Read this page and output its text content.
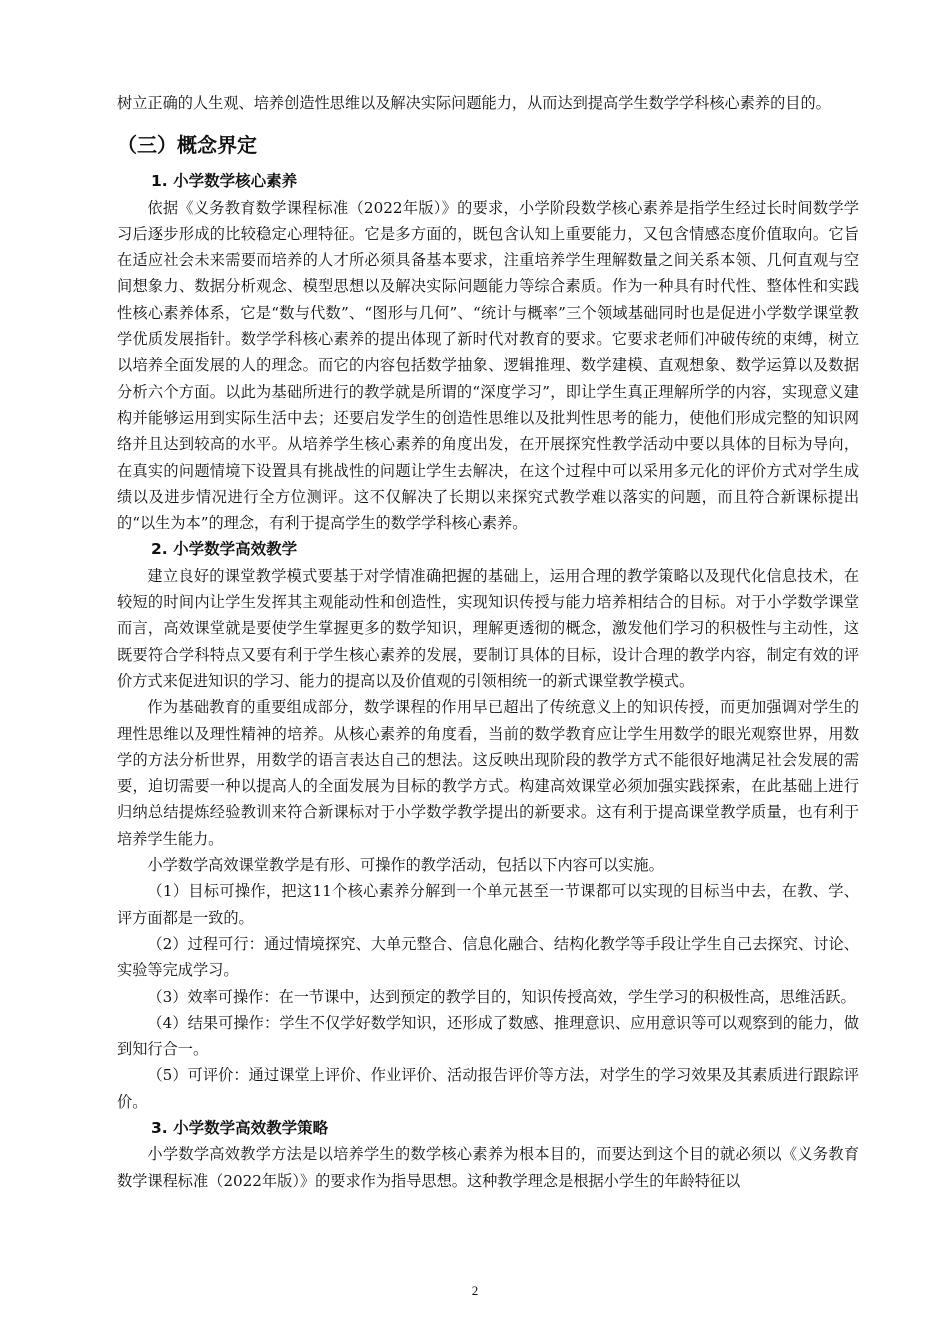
树立正确的人生观、培养创造性思维以及解决实际问题能力，从而达到提高学生数学学科核心素养的目的。

（三）概念界定
1. 小学数学核心素养

依据《义务教育数学课程标准（2022年版）》的要求，小学阶段数学核心素养是指学生经过长时间数学学习后逐步形成的比较稳定心理特征。它是多方面的，既包含认知上重要能力，又包含情感态度价值取向。它旨在适应社会未来需要而培养的人才所必须具备基本要求，注重培养学生理解数量之间关系本领、几何直观与空间想象力、数据分析观念、模型思想以及解决实际问题能力等综合素质。作为一种具有时代性、整体性和实践性核心素养体系，它是“数与代数”、“图形与几何”、“统计与概率”三个领域基础同时也是促进小学数学课堂教学优质发展指针。数学学科核心素养的提出体现了新时代对教育的要求。它要求老师们冲破传统的束缚，树立以培养全面发展的人的理念。而它的内容包括数学抽象、逻辑推理、数学建模、直观想象、数学运算以及数据分析六个方面。以此为基础所进行的教学就是所谓的“深度学习”，即让学生真正理解所学的内容，实现意义建构并能够运用到实际生活中去；还要启发学生的创造性思维以及批判性思考的能力，使他们形成完整的知识网络并且达到较高的水平。从培养学生核心素养的角度出发，在开展探究性教学活动中要以具体的目标为导向，在真实的问题情境下设置具有挑战性的问题让学生去解决，在这个过程中可以采用多元化的评价方式对学生成绩以及进步情况进行全方位测评。这不仅解决了长期以来探究式教学难以落实的问题，而且符合新课标提出的“以生为本”的理念，有利于提高学生的数学学科核心素养。

2. 小学数学高效教学

建立良好的课堂教学模式要基于对学情准确把握的基础上，运用合理的教学策略以及现代化信息技术，在较短的时间内让学生发挥其主观能动性和创造性，实现知识传授与能力培养相结合的目标。对于小学数学课堂而言，高效课堂就是要使学生掌握更多的数学知识，理解更透彻的概念，激发他们学习的积极性与主动性，这既要符合学科特点又要有利于学生核心素养的发展，要制订具体的目标，设计合理的教学内容，制定有效的评价方式来促进知识的学习、能力的提高以及价值观的引领相统一的新式课堂教学模式。

作为基础教育的重要组成部分，数学课程的作用早已超出了传统意义上的知识传授，而更加强调对学生的理性思维以及理性精神的培养。从核心素养的角度看，当前的数学教育应让学生用数学的眼光观察世界，用数学的方法分析世界，用数学的语言表达自己的想法。这反映出现阶段的教学方式不能很好地满足社会发展的需要，迫切需要一种以提高人的全面发展为目标的教学方式。构建高效课堂必须加强实践探索，在此基础上进行归纳总结提炼经验教训来符合新课标对于小学数学教学提出的新要求。这有利于提高课堂教学质量，也有利于培养学生能力。

小学数学高效课堂教学是有形、可操作的教学活动，包括以下内容可以实施。

（1）目标可操作，把这11个核心素养分解到一个单元甚至一节课都可以实现的目标当中去，在教、学、评方面都是一致的。

（2）过程可行：通过情境探究、大单元整合、信息化融合、结构化教学等手段让学生自己去探究、讨论、实验等完成学习。

（3）效率可操作：在一节课中，达到预定的教学目的，知识传授高效，学生学习的积极性高，思维活跃。

（4）结果可操作：学生不仅学好数学知识，还形成了数感、推理意识、应用意识等可以观察到的能力，做到知行合一。

（5）可评价：通过课堂上评价、作业评价、活动报告评价等方法，对学生的学习效果及其素质进行跟踪评价。

3. 小学数学高效教学策略

小学数学高效教学方法是以培养学生的数学核心素养为根本目的，而要达到这个目的就必须以《义务教育数学课程标准（2022年版）》的要求作为指导思想。这种教学理念是根据小学生的年龄特征以

2
